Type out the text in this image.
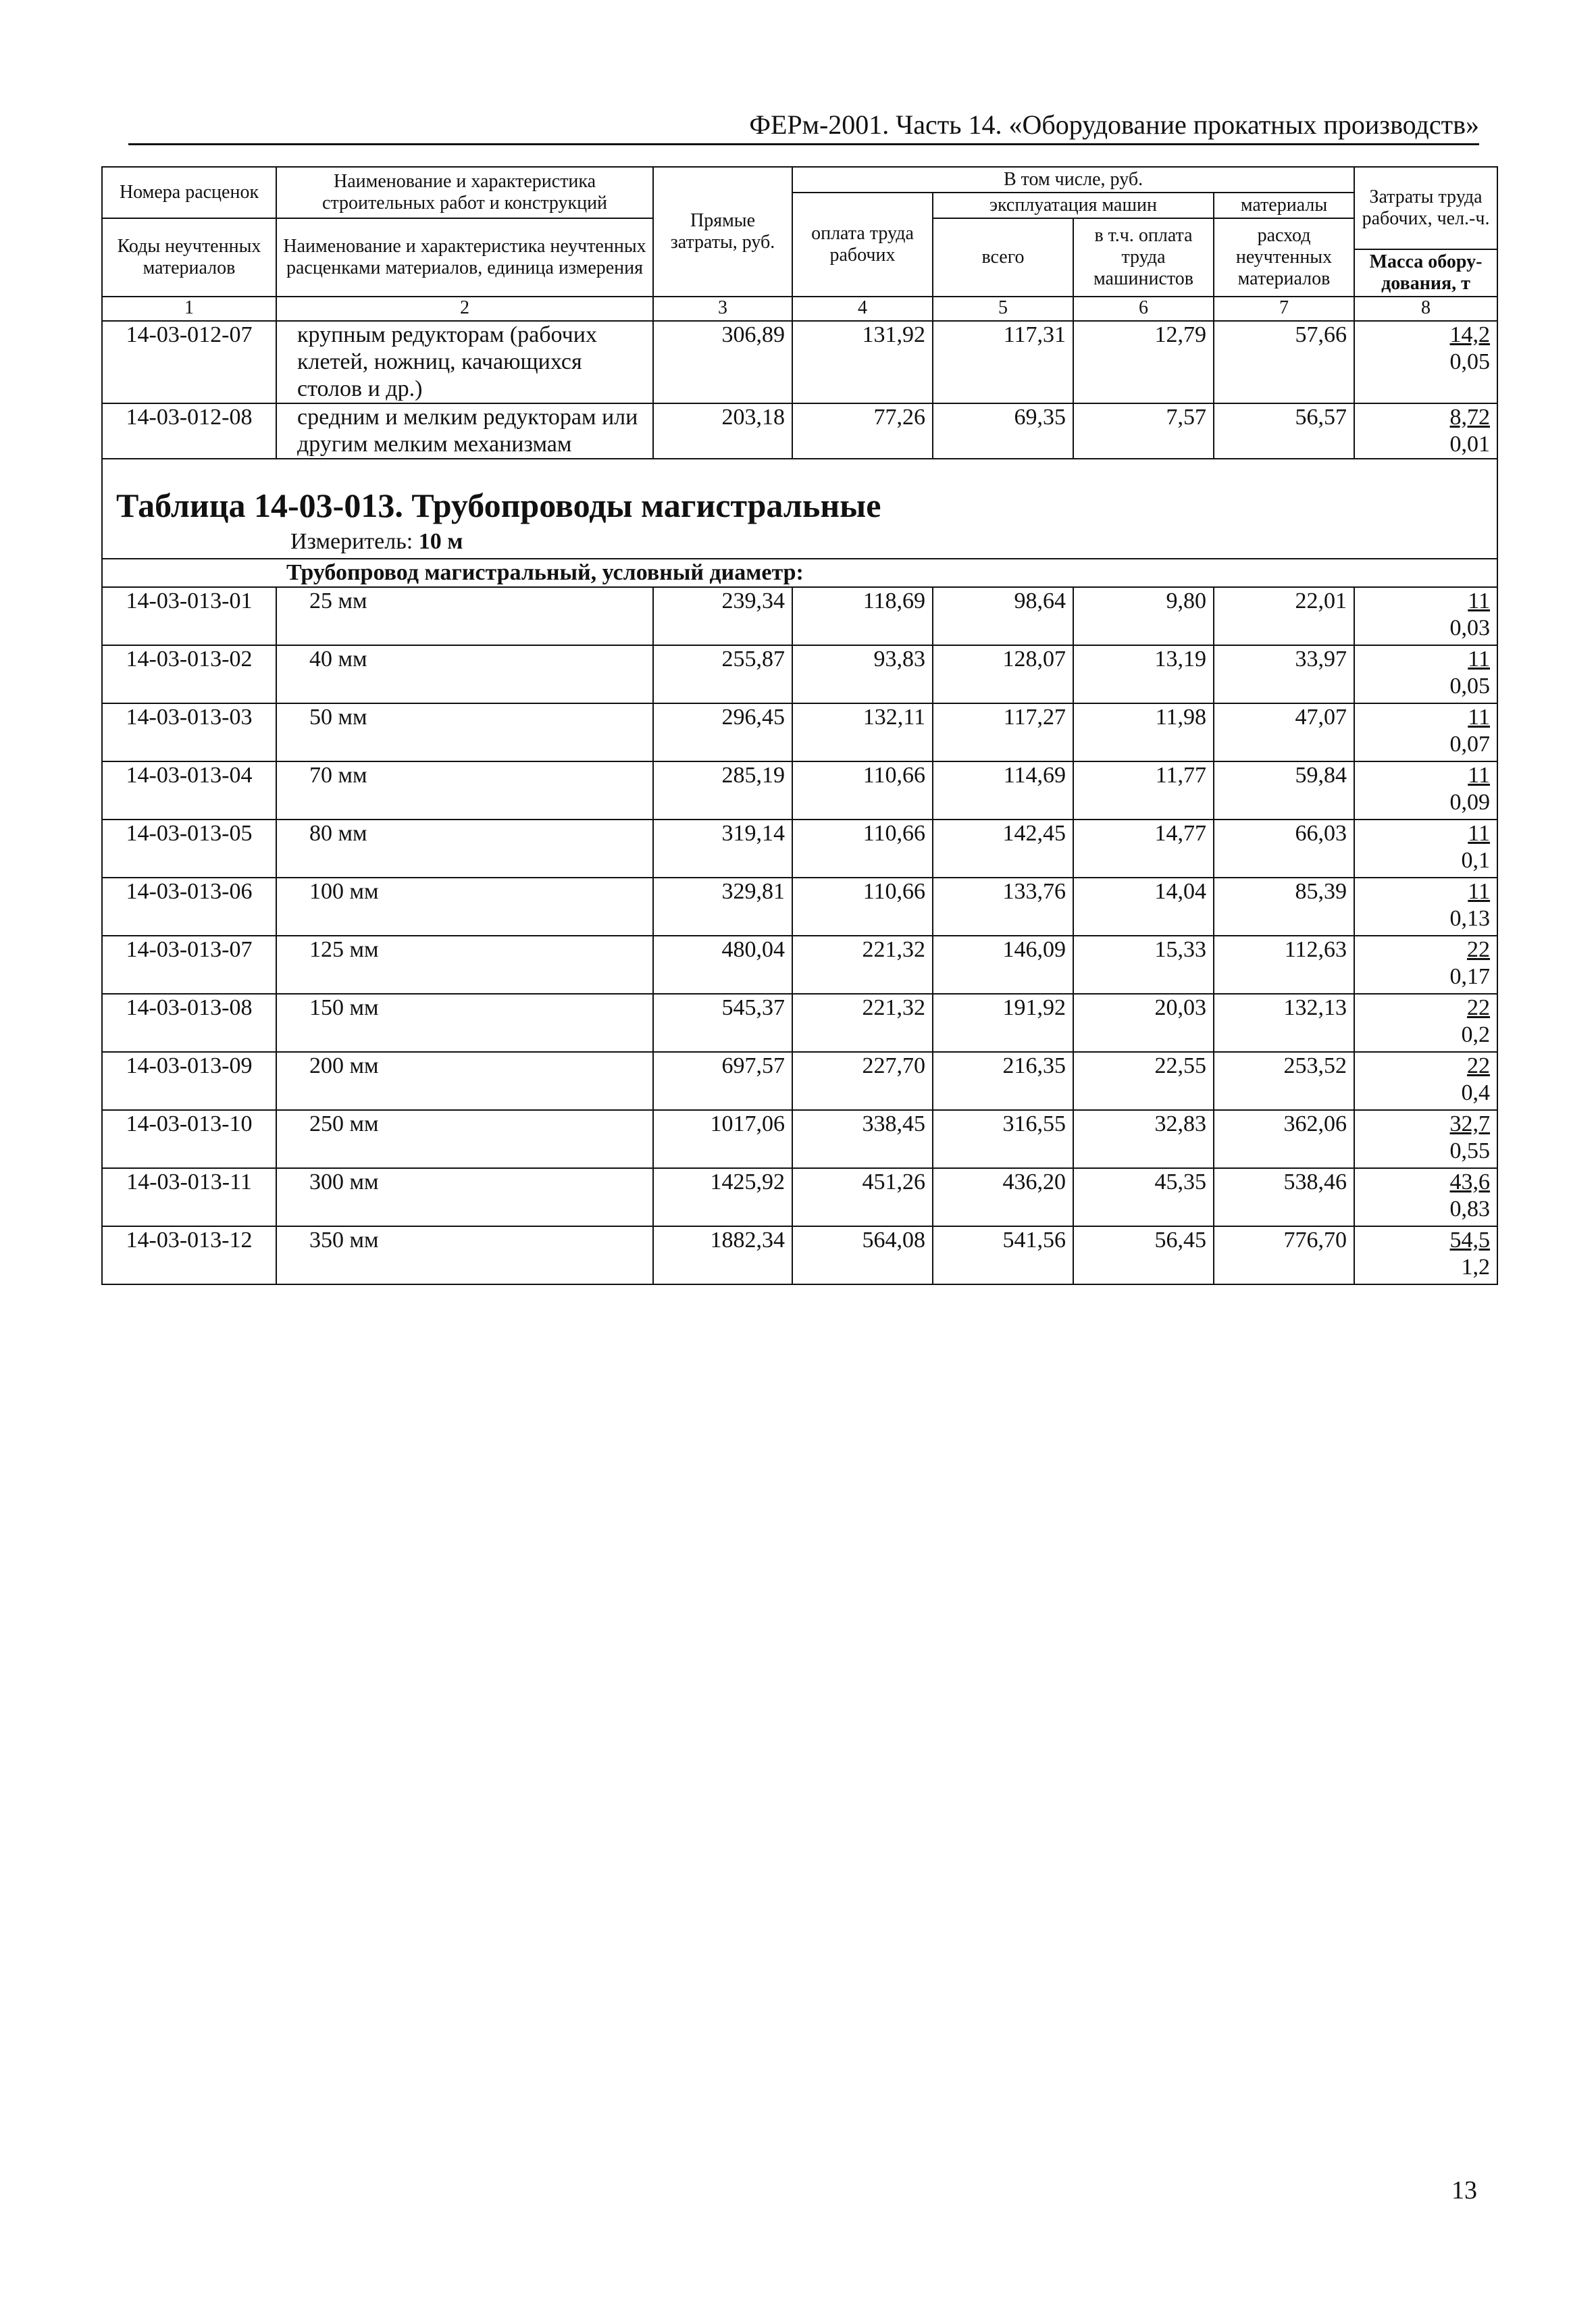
ФЕРм-2001. Часть 14. «Оборудование прокатных производств»
Номера расценок	Наименование и характеристика строительных работ и конструкций	Прямые затраты, руб.	В том числе, руб.				Затраты труда рабочих, чел.-ч.
			оплата труда рабочих	эксплуатация машин		материалы	
Коды неучтенных материалов	Наименование и характеристика неучтенных расценками материалов, единица измерения			всего	в т.ч. оплата труда машинистов	расход неучтенных материалов	
							Масса обору-дования, т
1	2	3	4	5	6	7	8
14-03-012-07	крупным редукторам (рабочих клетей, ножниц, качающихся столов и др.)	306,89	131,92	117,31	12,79	57,66	14,2
0,05

14-03-012-08	средним и мелким редукторам или другим мелким механизмам	203,18	77,26	69,35	7,57	56,57	8,72
0,01

Таблица 14-03-013. Трубопроводы магистральные
Измеритель: 10 м
Трубопровод магистральный, условный диаметр:							

14-03-013-01	25 мм	239,34	118,69	98,64	9,80	22,01	11
0,03

14-03-013-02	40 мм	255,87	93,83	128,07	13,19	33,97	11
0,05

14-03-013-03	50 мм	296,45	132,11	117,27	11,98	47,07	11
0,07

14-03-013-04	70 мм	285,19	110,66	114,69	11,77	59,84	11
0,09

14-03-013-05	80 мм	319,14	110,66	142,45	14,77	66,03	11
0,1

14-03-013-06	100 мм	329,81	110,66	133,76	14,04	85,39	11
0,13

14-03-013-07	125 мм	480,04	221,32	146,09	15,33	112,63	22
0,17

14-03-013-08	150 мм	545,37	221,32	191,92	20,03	132,13	22
0,2

14-03-013-09	200 мм	697,57	227,70	216,35	22,55	253,52	22
0,4

14-03-013-10	250 мм	1017,06	338,45	316,55	32,83	362,06	32,7
0,55

14-03-013-11	300 мм	1425,92	451,26	436,20	45,35	538,46	43,6
0,83

14-03-013-12	350 мм	1882,34	564,08	541,56	56,45	776,70	54,5
1,2
13
